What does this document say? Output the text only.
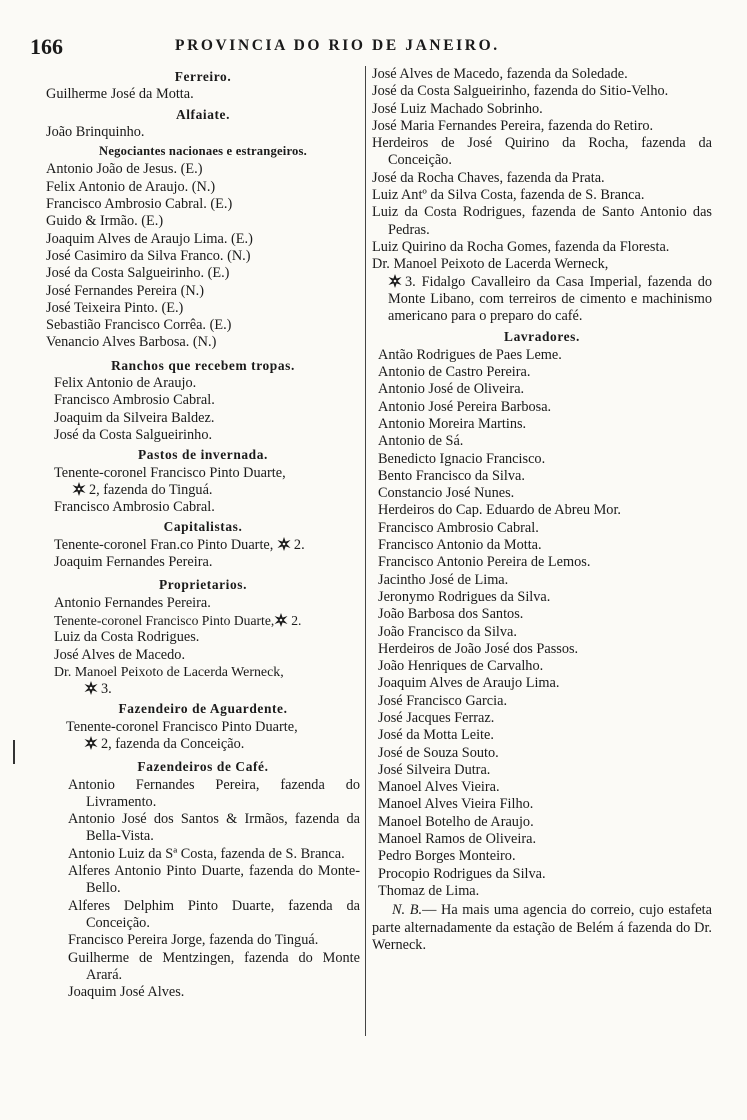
166	PROVINCIA DO RIO DE JANEIRO.
Ferreiro.
Guilherme José da Motta.
Alfaiate.
João Brinquinho.
Negociantes nacionaes e estrangeiros.
Antonio João de Jesus. (E.)
Felix Antonio de Araujo. (N.)
Francisco Ambrosio Cabral. (E.)
Guido & Irmão. (E.)
Joaquim Alves de Araujo Lima. (E.)
José Casimiro da Silva Franco. (N.)
José da Costa Salgueirinho. (E.)
José Fernandes Pereira (N.)
José Teixeira Pinto. (E.)
Sebastião Francisco Corrêa. (E.)
Venancio Alves Barbosa. (N.)
Ranchos que recebem tropas.
Felix Antonio de Araujo.
Francisco Ambrosio Cabral.
Joaquim da Silveira Baldez.
José da Costa Salgueirinho.
Pastos de invernada.
Tenente-coronel Francisco Pinto Duarte,
2, fazenda do Tinguá.
Francisco Ambrosio Cabral.
Capitalistas.
Tenente-coronel Fran.co Pinto Duarte, 2.
Joaquim Fernandes Pereira.
Proprietarios.
Antonio Fernandes Pereira.
Tenente-coronel Francisco Pinto Duarte, 2.
Luiz da Costa Rodrigues.
José Alves de Macedo.
Dr. Manoel Peixoto de Lacerda Werneck,
3.
Fazendeiro de Aguardente.
Tenente-coronel Francisco Pinto Duarte,
2, fazenda da Conceição.
Fazendeiros de Café.
Antonio Fernandes Pereira, fazenda do Livramento.
Antonio José dos Santos & Irmãos, fazenda da Bella-Vista.
Antonio Luiz da Sª Costa, fazenda de S. Branca.
Alferes Antonio Pinto Duarte, fazenda do Monte-Bello.
Alferes Delphim Pinto Duarte, fazenda da Conceição.
Francisco Pereira Jorge, fazenda do Tinguá.
Guilherme de Mentzingen, fazenda do Monte Arará.
Joaquim José Alves.
José Alves de Macedo, fazenda da Soledade.
José da Costa Salgueirinho, fazenda do Sitio-Velho.
José Luiz Machado Sobrinho.
José Maria Fernandes Pereira, fazenda do Retiro.
Herdeiros de José Quirino da Rocha, fazenda da Conceição.
José da Rocha Chaves, fazenda da Prata.
Luiz Antº da Silva Costa, fazenda de S. Branca.
Luiz da Costa Rodrigues, fazenda de Santo Antonio das Pedras.
Luiz Quirino da Rocha Gomes, fazenda da Floresta.
Dr. Manoel Peixoto de Lacerda Werneck,

3. Fidalgo Cavalleiro da Casa Imperial, fazenda do Monte Libano, com terreiros de cimento e machinismo americano para o preparo do café.
Lavradores.
Antão Rodrigues de Paes Leme.
Antonio de Castro Pereira.
Antonio José de Oliveira.
Antonio José Pereira Barbosa.
Antonio Moreira Martins.
Antonio de Sá.
Benedicto Ignacio Francisco.
Bento Francisco da Silva.
Constancio José Nunes.
Herdeiros do Cap. Eduardo de Abreu Mor.
Francisco Ambrosio Cabral.
Francisco Antonio da Motta.
Francisco Antonio Pereira de Lemos.
Jacintho José de Lima.
Jeronymo Rodrigues da Silva.
João Barbosa dos Santos.
João Francisco da Silva.
Herdeiros de João José dos Passos.
João Henriques de Carvalho.
Joaquim Alves de Araujo Lima.
José Francisco Garcia.
José Jacques Ferraz.
José da Motta Leite.
José de Souza Souto.
José Silveira Dutra.
Manoel Alves Vieira.
Manoel Alves Vieira Filho.
Manoel Botelho de Araujo.
Manoel Ramos de Oliveira.
Pedro Borges Monteiro.
Procopio Rodrigues da Silva.
Thomaz de Lima.
N. B.— Ha mais uma agencia do correio, cujo estafeta parte alternadamente da estação de Belém á fazenda do Dr. Werneck.
